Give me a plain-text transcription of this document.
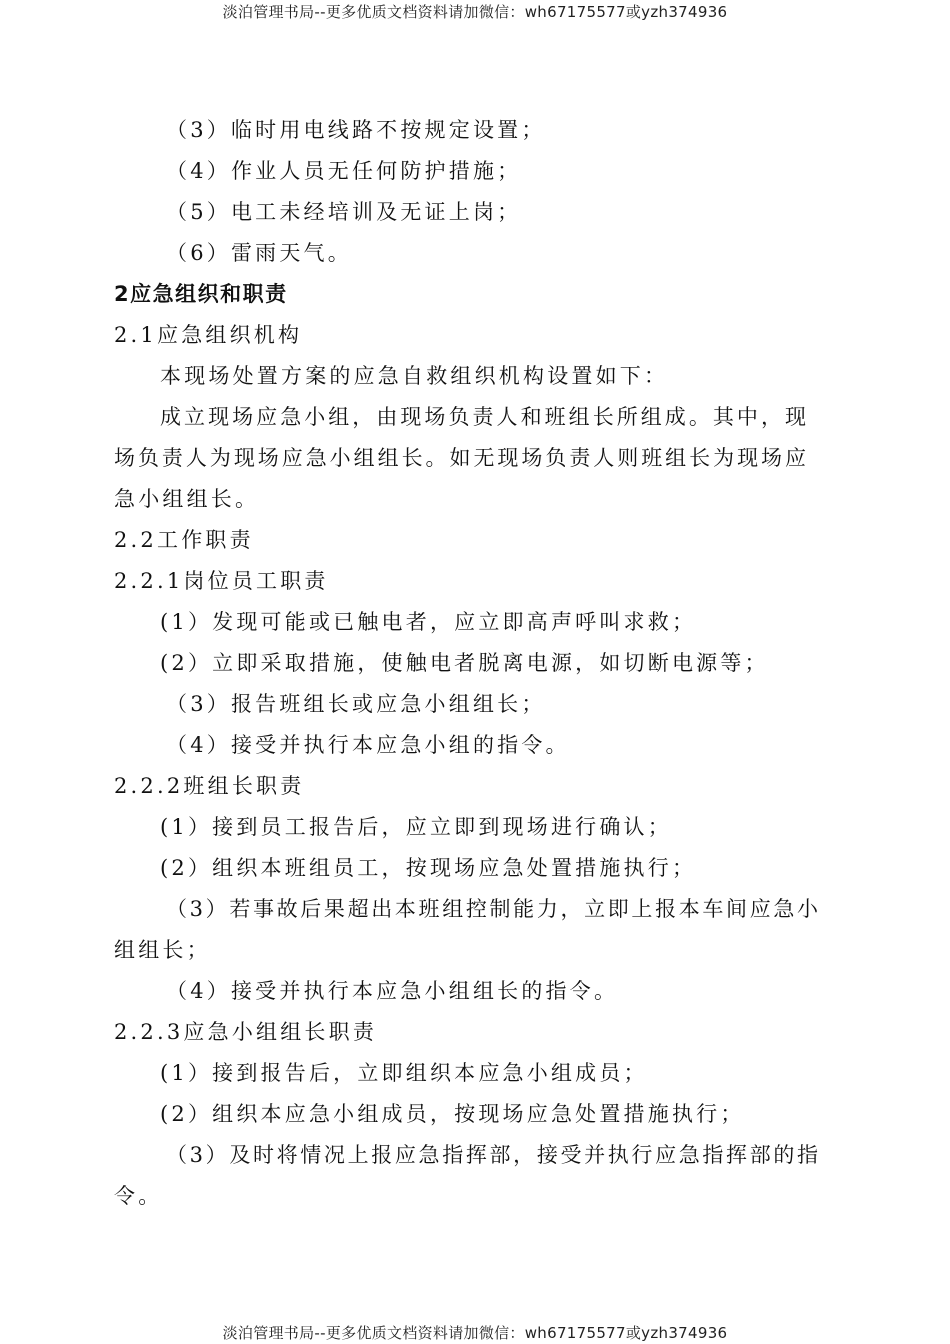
淡泊管理书局--更多优质文档资料请加微信：wh67175577或yzh374936
（3）临时用电线路不按规定设置；
（4）作业人员无任何防护措施；
（5）电工未经培训及无证上岗；
（6）雷雨天气。
2应急组织和职责
2.1应急组织机构
本现场处置方案的应急自救组织机构设置如下：
成立现场应急小组，由现场负责人和班组长所组成。其中，现
场负责人为现场应急小组组长。如无现场负责人则班组长为现场应
急小组组长。
2.2工作职责
2.2.1岗位员工职责
(1）发现可能或已触电者，应立即高声呼叫求救；
(2）立即采取措施，使触电者脱离电源，如切断电源等；
（3）报告班组长或应急小组组长；
（4）接受并执行本应急小组的指令。
2.2.2班组长职责
(1）接到员工报告后，应立即到现场进行确认；
(2）组织本班组员工，按现场应急处置措施执行；
（3）若事故后果超出本班组控制能力，立即上报本车间应急小
组组长；
（4）接受并执行本应急小组组长的指令。
2.2.3应急小组组长职责
(1）接到报告后，立即组织本应急小组成员；
(2）组织本应急小组成员，按现场应急处置措施执行；
（3）及时将情况上报应急指挥部，接受并执行应急指挥部的指
令。
淡泊管理书局--更多优质文档资料请加微信：wh67175577或yzh374936
